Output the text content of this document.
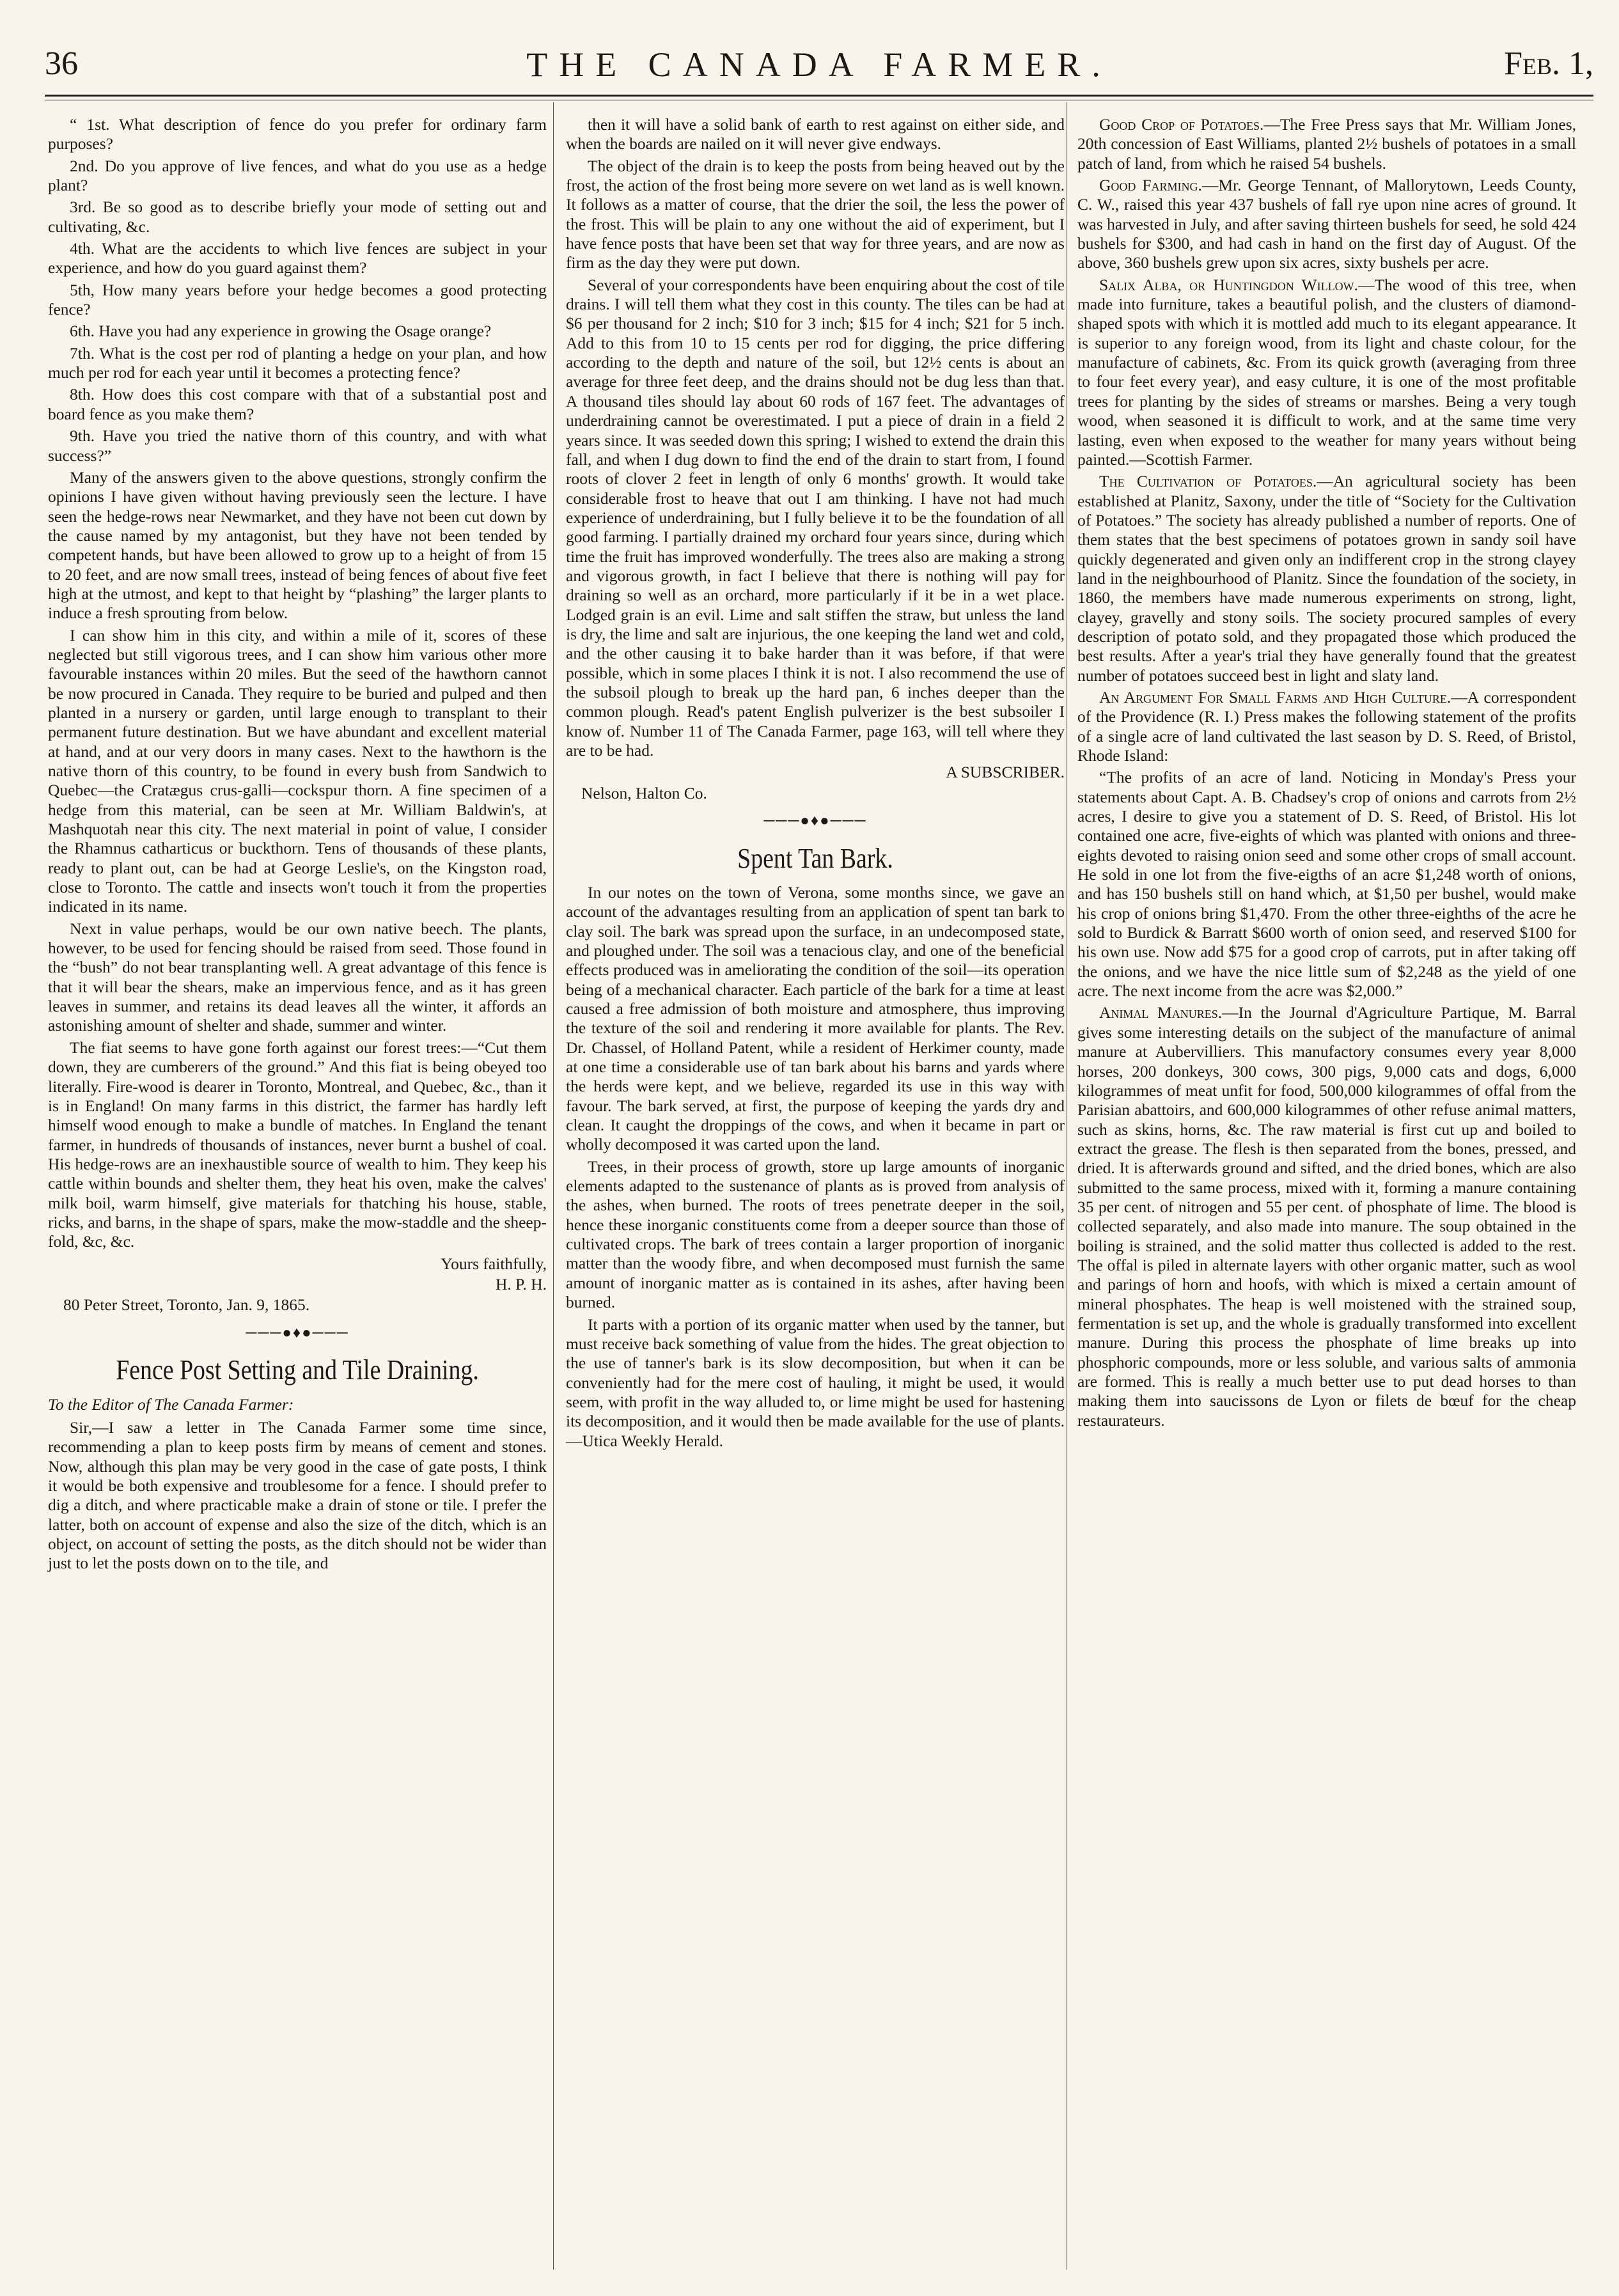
36	THE CANADA FARMER.	Feb. 1,

“ 1st. What description of fence do you prefer for ordinary farm purposes?

2nd. Do you approve of live fences, and what do you use as a hedge plant?

3rd. Be so good as to describe briefly your mode of setting out and cultivating, &c.

4th. What are the accidents to which live fences are subject in your experience, and how do you guard against them?

5th, How many years before your hedge becomes a good protecting fence?

6th. Have you had any experience in growing the Osage orange?

7th. What is the cost per rod of planting a hedge on your plan, and how much per rod for each year until it becomes a protecting fence?

8th. How does this cost compare with that of a substantial post and board fence as you make them?

9th. Have you tried the native thorn of this country, and with what success?”

Many of the answers given to the above questions, strongly confirm the opinions I have given without having previously seen the lecture. I have seen the hedge-rows near Newmarket, and they have not been cut down by the cause named by my antagonist, but they have not been tended by competent hands, but have been allowed to grow up to a height of from 15 to 20 feet, and are now small trees, instead of being fences of about five feet high at the utmost, and kept to that height by “plashing” the larger plants to induce a fresh sprouting from below.

I can show him in this city, and within a mile of it, scores of these neglected but still vigorous trees, and I can show him various other more favourable instances within 20 miles. But the seed of the hawthorn cannot be now procured in Canada. They require to be buried and pulped and then planted in a nursery or garden, until large enough to transplant to their permanent future destination. But we have abundant and excellent material at hand, and at our very doors in many cases. Next to the hawthorn is the native thorn of this country, to be found in every bush from Sandwich to Quebec—the Cratægus crus-galli—cockspur thorn. A fine specimen of a hedge from this material, can be seen at Mr. William Baldwin's, at Mashquotah near this city. The next material in point of value, I consider the Rhamnus catharticus or buckthorn. Tens of thousands of these plants, ready to plant out, can be had at George Leslie's, on the Kingston road, close to Toronto. The cattle and insects won't touch it from the properties indicated in its name.

Next in value perhaps, would be our own native beech. The plants, however, to be used for fencing should be raised from seed. Those found in the “bush” do not bear transplanting well. A great advantage of this fence is that it will bear the shears, make an impervious fence, and as it has green leaves in summer, and retains its dead leaves all the winter, it affords an astonishing amount of shelter and shade, summer and winter.

The fiat seems to have gone forth against our forest trees:—“Cut them down, they are cumberers of the ground.” And this fiat is being obeyed too literally. Fire-wood is dearer in Toronto, Montreal, and Quebec, &c., than it is in England! On many farms in this district, the farmer has hardly left himself wood enough to make a bundle of matches. In England the tenant farmer, in hundreds of thousands of instances, never burnt a bushel of coal. His hedge-rows are an inexhaustible source of wealth to him. They keep his cattle within bounds and shelter them, they heat his oven, make the calves' milk boil, warm himself, give materials for thatching his house, stable, ricks, and barns, in the shape of spars, make the mow-staddle and the sheep-fold, &c, &c.

Yours faithfully,
H. P. H.
80 Peter Street, Toronto, Jan. 9, 1865.
───●♦●───
Fence Post Setting and Tile Draining.
To the Editor of The Canada Farmer:

Sir,—I saw a letter in The Canada Farmer some time since, recommending a plan to keep posts firm by means of cement and stones. Now, although this plan may be very good in the case of gate posts, I think it would be both expensive and troublesome for a fence. I should prefer to dig a ditch, and where practicable make a drain of stone or tile. I prefer the latter, both on account of expense and also the size of the ditch, which is an object, on account of setting the posts, as the ditch should not be wider than just to let the posts down on to the tile, and

then it will have a solid bank of earth to rest against on either side, and when the boards are nailed on it will never give endways.

The object of the drain is to keep the posts from being heaved out by the frost, the action of the frost being more severe on wet land as is well known. It follows as a matter of course, that the drier the soil, the less the power of the frost. This will be plain to any one without the aid of experiment, but I have fence posts that have been set that way for three years, and are now as firm as the day they were put down.

Several of your correspondents have been enquiring about the cost of tile drains. I will tell them what they cost in this county. The tiles can be had at $6 per thousand for 2 inch; $10 for 3 inch; $15 for 4 inch; $21 for 5 inch. Add to this from 10 to 15 cents per rod for digging, the price differing according to the depth and nature of the soil, but 12½ cents is about an average for three feet deep, and the drains should not be dug less than that. A thousand tiles should lay about 60 rods of 167 feet. The advantages of underdraining cannot be overestimated. I put a piece of drain in a field 2 years since. It was seeded down this spring; I wished to extend the drain this fall, and when I dug down to find the end of the drain to start from, I found roots of clover 2 feet in length of only 6 months' growth. It would take considerable frost to heave that out I am thinking. I have not had much experience of underdraining, but I fully believe it to be the foundation of all good farming. I partially drained my orchard four years since, during which time the fruit has improved wonderfully. The trees also are making a strong and vigorous growth, in fact I believe that there is nothing will pay for draining so well as an orchard, more particularly if it be in a wet place. Lodged grain is an evil. Lime and salt stiffen the straw, but unless the land is dry, the lime and salt are injurious, the one keeping the land wet and cold, and the other causing it to bake harder than it was before, if that were possible, which in some places I think it is not. I also recommend the use of the subsoil plough to break up the hard pan, 6 inches deeper than the common plough. Read's patent English pulverizer is the best subsoiler I know of. Number 11 of The Canada Farmer, page 163, will tell where they are to be had.

A SUBSCRIBER.
Nelson, Halton Co.
───●♦●───
Spent Tan Bark.

In our notes on the town of Verona, some months since, we gave an account of the advantages resulting from an application of spent tan bark to clay soil. The bark was spread upon the surface, in an undecomposed state, and ploughed under. The soil was a tenacious clay, and one of the beneficial effects produced was in ameliorating the condition of the soil—its operation being of a mechanical character. Each particle of the bark for a time at least caused a free admission of both moisture and atmosphere, thus improving the texture of the soil and rendering it more available for plants. The Rev. Dr. Chassel, of Holland Patent, while a resident of Herkimer county, made at one time a considerable use of tan bark about his barns and yards where the herds were kept, and we believe, regarded its use in this way with favour. The bark served, at first, the purpose of keeping the yards dry and clean. It caught the droppings of the cows, and when it became in part or wholly decomposed it was carted upon the land.

Trees, in their process of growth, store up large amounts of inorganic elements adapted to the sustenance of plants as is proved from analysis of the ashes, when burned. The roots of trees penetrate deeper in the soil, hence these inorganic constituents come from a deeper source than those of cultivated crops. The bark of trees contain a larger proportion of inorganic matter than the woody fibre, and when decomposed must furnish the same amount of inorganic matter as is contained in its ashes, after having been burned.

It parts with a portion of its organic matter when used by the tanner, but must receive back something of value from the hides. The great objection to the use of tanner's bark is its slow decomposition, but when it can be conveniently had for the mere cost of hauling, it might be used, it would seem, with profit in the way alluded to, or lime might be used for hastening its decomposition, and it would then be made available for the use of plants.—Utica Weekly Herald.

Good Crop of Potatoes.—The Free Press says that Mr. William Jones, 20th concession of East Williams, planted 2½ bushels of potatoes in a small patch of land, from which he raised 54 bushels.

Good Farming.—Mr. George Tennant, of Mallorytown, Leeds County, C. W., raised this year 437 bushels of fall rye upon nine acres of ground. It was harvested in July, and after saving thirteen bushels for seed, he sold 424 bushels for $300, and had cash in hand on the first day of August. Of the above, 360 bushels grew upon six acres, sixty bushels per acre.

Salix Alba, or Huntingdon Willow.—The wood of this tree, when made into furniture, takes a beautiful polish, and the clusters of diamond-shaped spots with which it is mottled add much to its elegant appearance. It is superior to any foreign wood, from its light and chaste colour, for the manufacture of cabinets, &c. From its quick growth (averaging from three to four feet every year), and easy culture, it is one of the most profitable trees for planting by the sides of streams or marshes. Being a very tough wood, when seasoned it is difficult to work, and at the same time very lasting, even when exposed to the weather for many years without being painted.—Scottish Farmer.

The Cultivation of Potatoes.—An agricultural society has been established at Planitz, Saxony, under the title of “Society for the Cultivation of Potatoes.” The society has already published a number of reports. One of them states that the best specimens of potatoes grown in sandy soil have quickly degenerated and given only an indifferent crop in the strong clayey land in the neighbourhood of Planitz. Since the foundation of the society, in 1860, the members have made numerous experiments on strong, light, clayey, gravelly and stony soils. The society procured samples of every description of potato sold, and they propagated those which produced the best results. After a year's trial they have generally found that the greatest number of potatoes succeed best in light and slaty land.

An Argument For Small Farms and High Culture.—A correspondent of the Providence (R. I.) Press makes the following statement of the profits of a single acre of land cultivated the last season by D. S. Reed, of Bristol, Rhode Island:

“The profits of an acre of land. Noticing in Monday's Press your statements about Capt. A. B. Chadsey's crop of onions and carrots from 2½ acres, I desire to give you a statement of D. S. Reed, of Bristol. His lot contained one acre, five-eights of which was planted with onions and three-eights devoted to raising onion seed and some other crops of small account. He sold in one lot from the five-eigths of an acre $1,248 worth of onions, and has 150 bushels still on hand which, at $1,50 per bushel, would make his crop of onions bring $1,470. From the other three-eighths of the acre he sold to Burdick & Barratt $600 worth of onion seed, and reserved $100 for his own use. Now add $75 for a good crop of carrots, put in after taking off the onions, and we have the nice little sum of $2,248 as the yield of one acre. The next income from the acre was $2,000.”

Animal Manures.—In the Journal d'Agriculture Partique, M. Barral gives some interesting details on the subject of the manufacture of animal manure at Aubervilliers. This manufactory consumes every year 8,000 horses, 200 donkeys, 300 cows, 300 pigs, 9,000 cats and dogs, 6,000 kilogrammes of meat unfit for food, 500,000 kilogrammes of offal from the Parisian abattoirs, and 600,000 kilogrammes of other refuse animal matters, such as skins, horns, &c. The raw material is first cut up and boiled to extract the grease. The flesh is then separated from the bones, pressed, and dried. It is afterwards ground and sifted, and the dried bones, which are also submitted to the same process, mixed with it, forming a manure containing 35 per cent. of nitrogen and 55 per cent. of phosphate of lime. The blood is collected separately, and also made into manure. The soup obtained in the boiling is strained, and the solid matter thus collected is added to the rest. The offal is piled in alternate layers with other organic matter, such as wool and parings of horn and hoofs, with which is mixed a certain amount of mineral phosphates. The heap is well moistened with the strained soup, fermentation is set up, and the whole is gradually transformed into excellent manure. During this process the phosphate of lime breaks up into phosphoric compounds, more or less soluble, and various salts of ammonia are formed. This is really a much better use to put dead horses to than making them into saucissons de Lyon or filets de bœuf for the cheap restaurateurs.
